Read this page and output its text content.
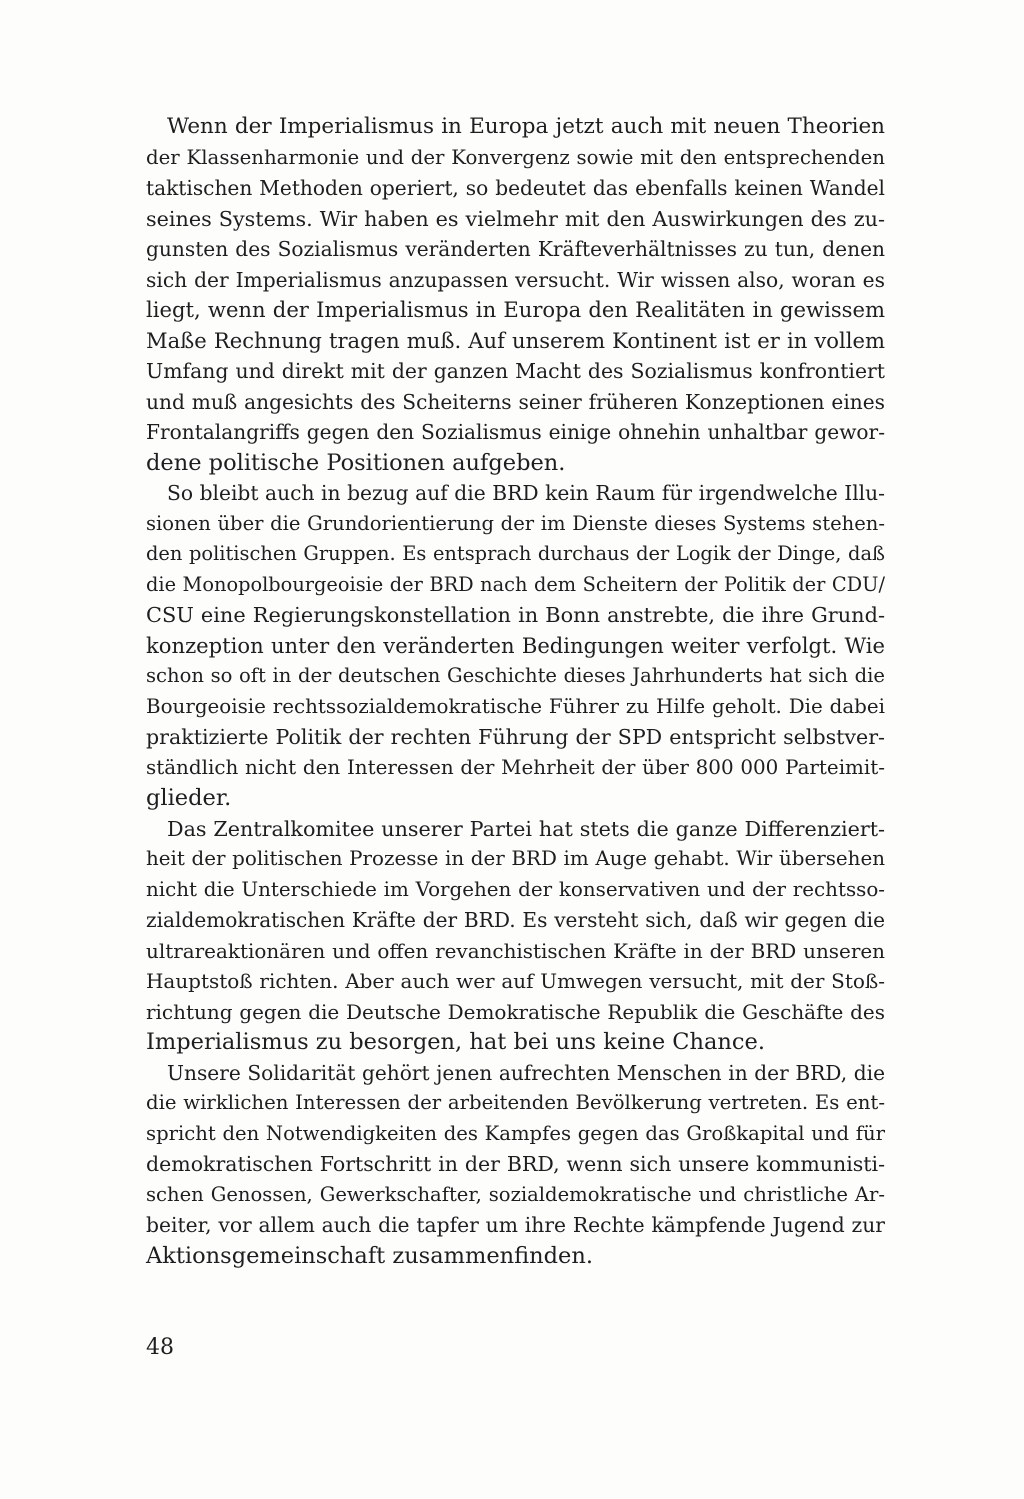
Wenn der Imperialismus in Europa jetzt auch mit neuen Theorien
der Klassenharmonie und der Konvergenz sowie mit den entsprechenden
taktischen Methoden operiert, so bedeutet das ebenfalls keinen Wandel
seines Systems. Wir haben es vielmehr mit den Auswirkungen des zu-
gunsten des Sozialismus veränderten Kräfteverhältnisses zu tun, denen
sich der Imperialismus anzupassen versucht. Wir wissen also, woran es
liegt, wenn der Imperialismus in Europa den Realitäten in gewissem
Maße Rechnung tragen muß. Auf unserem Kontinent ist er in vollem
Umfang und direkt mit der ganzen Macht des Sozialismus konfrontiert
und muß angesichts des Scheiterns seiner früheren Konzeptionen eines
Frontalangriffs gegen den Sozialismus einige ohnehin unhaltbar gewor-
dene politische Positionen aufgeben.
So bleibt auch in bezug auf die BRD kein Raum für irgendwelche Illu-
sionen über die Grundorientierung der im Dienste dieses Systems stehen-
den politischen Gruppen. Es entsprach durchaus der Logik der Dinge, daß
die Monopolbourgeoisie der BRD nach dem Scheitern der Politik der CDU/
CSU eine Regierungskonstellation in Bonn anstrebte, die ihre Grund-
konzeption unter den veränderten Bedingungen weiter verfolgt. Wie
schon so oft in der deutschen Geschichte dieses Jahrhunderts hat sich die
Bourgeoisie rechtssozialdemokratische Führer zu Hilfe geholt. Die dabei
praktizierte Politik der rechten Führung der SPD entspricht selbstver-
ständlich nicht den Interessen der Mehrheit der über 800 000 Parteimit-
glieder.
Das Zentralkomitee unserer Partei hat stets die ganze Differenziert-
heit der politischen Prozesse in der BRD im Auge gehabt. Wir übersehen
nicht die Unterschiede im Vorgehen der konservativen und der rechtsso-
zialdemokratischen Kräfte der BRD. Es versteht sich, daß wir gegen die
ultrareaktionären und offen revanchistischen Kräfte in der BRD unseren
Hauptstoß richten. Aber auch wer auf Umwegen versucht, mit der Stoß-
richtung gegen die Deutsche Demokratische Republik die Geschäfte des
Imperialismus zu besorgen, hat bei uns keine Chance.
Unsere Solidarität gehört jenen aufrechten Menschen in der BRD, die
die wirklichen Interessen der arbeitenden Bevölkerung vertreten. Es ent-
spricht den Notwendigkeiten des Kampfes gegen das Großkapital und für
demokratischen Fortschritt in der BRD, wenn sich unsere kommunisti-
schen Genossen, Gewerkschafter, sozialdemokratische und christliche Ar-
beiter, vor allem auch die tapfer um ihre Rechte kämpfende Jugend zur
Aktionsgemeinschaft zusammenfinden.
48
